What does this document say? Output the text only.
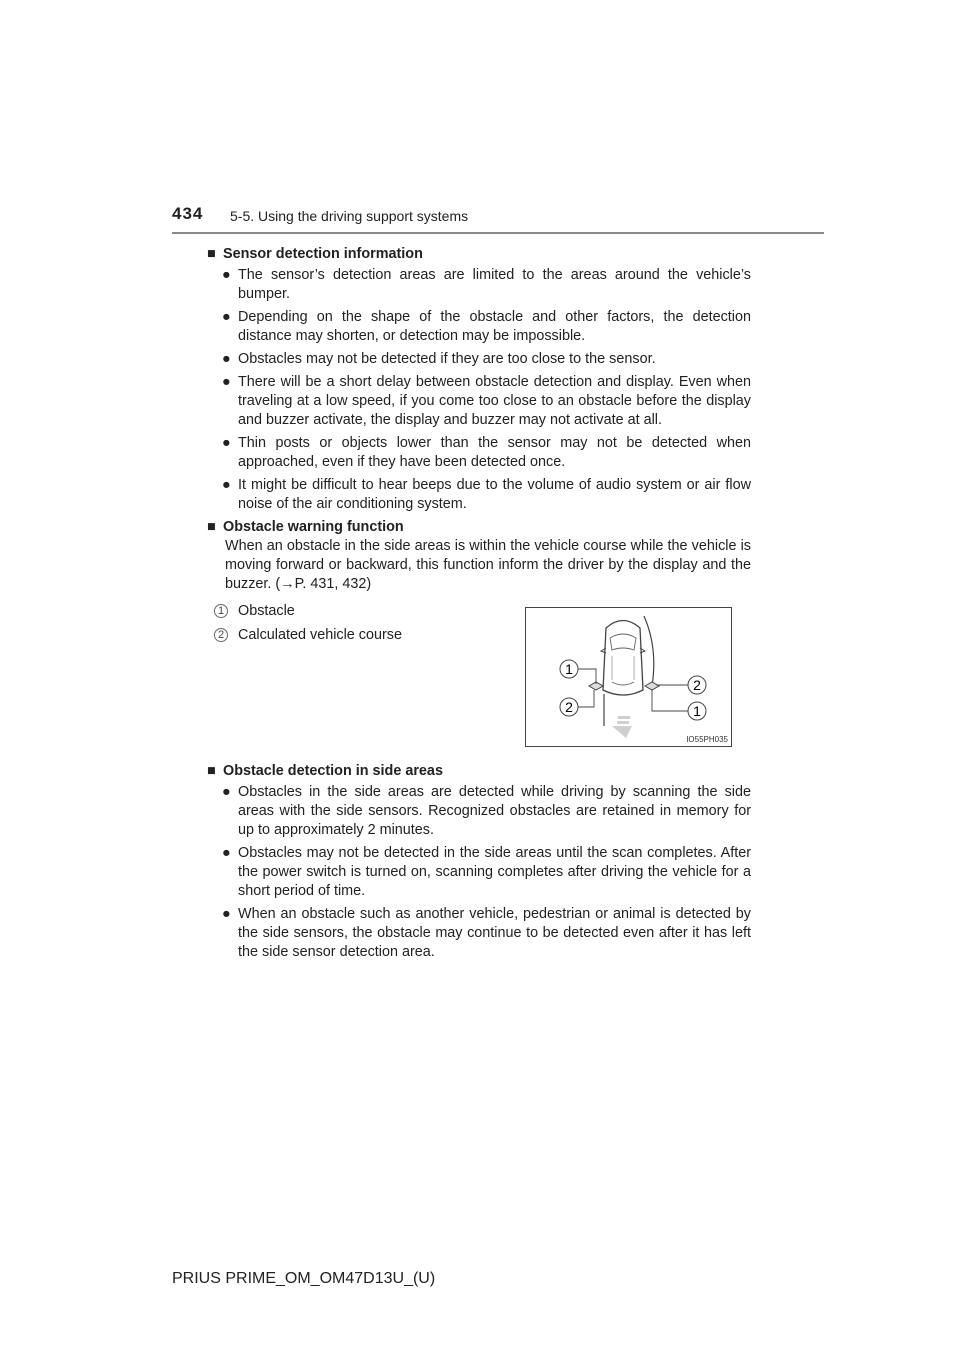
434 5-5. Using the driving support systems
■ Sensor detection information
● The sensor’s detection areas are limited to the areas around the vehicle’s bumper.
● Depending on the shape of the obstacle and other factors, the detection distance may shorten, or detection may be impossible.
● Obstacles may not be detected if they are too close to the sensor.
● There will be a short delay between obstacle detection and display. Even when traveling at a low speed, if you come too close to an obstacle before the display and buzzer activate, the display and buzzer may not activate at all.
● Thin posts or objects lower than the sensor may not be detected when approached, even if they have been detected once.
● It might be difficult to hear beeps due to the volume of audio system or air flow noise of the air conditioning system.
■ Obstacle warning function

When an obstacle in the side areas is within the vehicle course while the vehicle is moving forward or backward, this function inform the driver by the display and the buzzer. (→P. 431, 432)

1 Obstacle
2 Calculated vehicle course
1
2
2
1
IO55PH035
■ Obstacle detection in side areas
● Obstacles in the side areas are detected while driving by scanning the side areas with the side sensors. Recognized obstacles are retained in memory for up to approximately 2 minutes.
● Obstacles may not be detected in the side areas until the scan completes. After the power switch is turned on, scanning completes after driving the vehicle for a short period of time.
● When an obstacle such as another vehicle, pedestrian or animal is detected by the side sensors, the obstacle may continue to be detected even after it has left the side sensor detection area.
PRIUS PRIME_OM_OM47D13U_(U)
